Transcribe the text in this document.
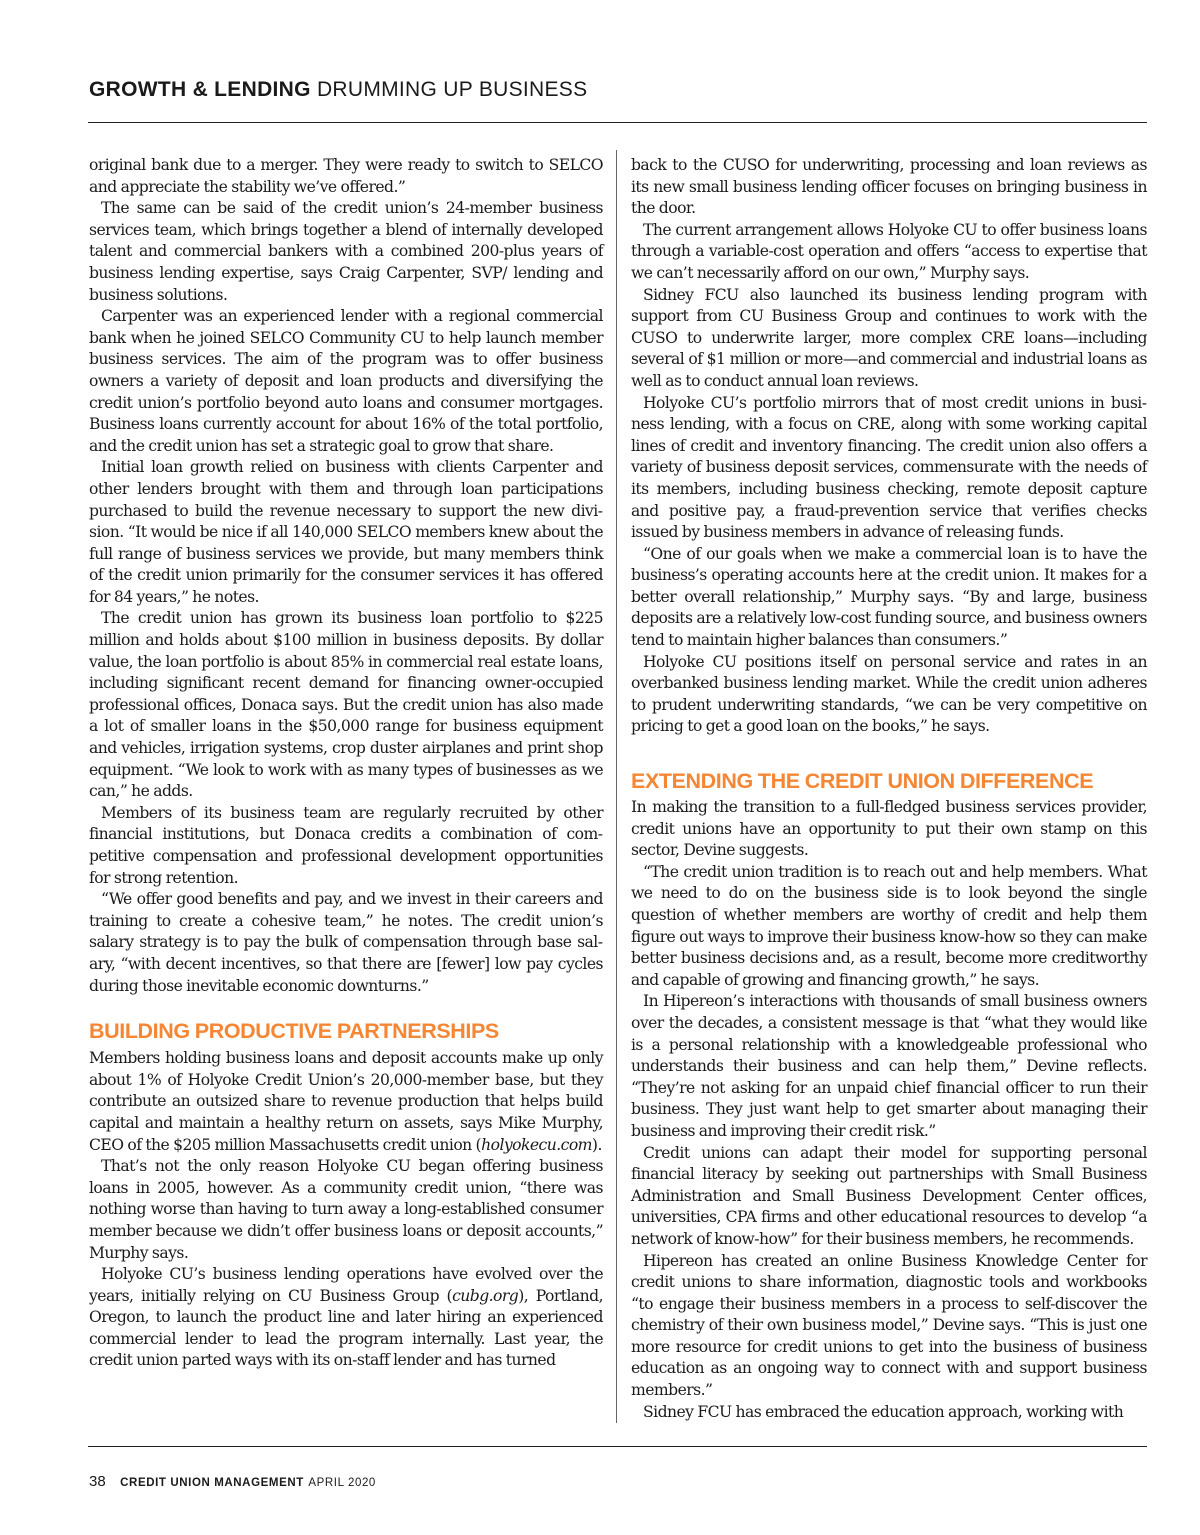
GROWTH & LENDING DRUMMING UP BUSINESS

original bank due to a merger. They were ready to switch to SELCO and appreciate the stability we’ve offered.”

The same can be said of the credit union’s 24-member business services team, which brings together a blend of internally developed talent and commercial bankers with a combined 200-plus years of business lending expertise, says Craig Carpenter, SVP/ lending and business solutions.

Carpenter was an experienced lender with a regional commercial bank when he joined SELCO Community CU to help launch member business services. The aim of the program was to offer business owners a variety of deposit and loan products and diversifying the credit union’s portfolio beyond auto loans and consumer mortgages. Business loans currently account for about 16% of the total portfolio, and the credit union has set a strategic goal to grow that share.

Initial loan growth relied on business with clients Carpenter and other lenders brought with them and through loan participations purchased to build the revenue necessary to support the new division. “It would be nice if all 140,000 SELCO members knew about the full range of business services we provide, but many members think of the credit union primarily for the consumer services it has offered for 84 years,” he notes.

The credit union has grown its business loan portfolio to $225 million and holds about $100 million in business deposits. By dollar value, the loan portfolio is about 85% in commercial real estate loans, including significant recent demand for financing owner-occupied professional offices, Donaca says. But the credit union has also made a lot of smaller loans in the $50,000 range for business equipment and vehicles, irrigation systems, crop duster airplanes and print shop equipment. “We look to work with as many types of businesses as we can,” he adds.

Members of its business team are regularly recruited by other financial institutions, but Donaca credits a combination of competitive compensation and professional development opportunities for strong retention.

“We offer good benefits and pay, and we invest in their careers and training to create a cohesive team,” he notes. The credit union’s salary strategy is to pay the bulk of compensation through base salary, “with decent incentives, so that there are [fewer] low pay cycles during those inevitable economic downturns.”

BUILDING PRODUCTIVE PARTNERSHIPS

Members holding business loans and deposit accounts make up only about 1% of Holyoke Credit Union’s 20,000-member base, but they contribute an outsized share to revenue production that helps build capital and maintain a healthy return on assets, says Mike Murphy, CEO of the $205 million Massachusetts credit union (holyokecu.com).

That’s not the only reason Holyoke CU began offering business loans in 2005, however. As a community credit union, “there was nothing worse than having to turn away a long-established consumer member because we didn’t offer business loans or deposit accounts,” Murphy says.

Holyoke CU’s business lending operations have evolved over the years, initially relying on CU Business Group (cubg.org), Portland, Oregon, to launch the product line and later hiring an experienced commercial lender to lead the program internally. Last year, the credit union parted ways with its on-staff lender and has turned

back to the CUSO for underwriting, processing and loan reviews as its new small business lending officer focuses on bringing business in the door.

The current arrangement allows Holyoke CU to offer business loans through a variable-cost operation and offers “access to expertise that we can’t necessarily afford on our own,” Murphy says.

Sidney FCU also launched its business lending program with support from CU Business Group and continues to work with the CUSO to underwrite larger, more complex CRE loans—including several of $1 million or more—and commercial and industrial loans as well as to conduct annual loan reviews.

Holyoke CU’s portfolio mirrors that of most credit unions in business lending, with a focus on CRE, along with some working capital lines of credit and inventory financing. The credit union also offers a variety of business deposit services, commensurate with the needs of its members, including business checking, remote deposit capture and positive pay, a fraud-prevention service that verifies checks issued by business members in advance of releasing funds.

“One of our goals when we make a commercial loan is to have the business’s operating accounts here at the credit union. It makes for a better overall relationship,” Murphy says. “By and large, business deposits are a relatively low-cost funding source, and business owners tend to maintain higher balances than consumers.”

Holyoke CU positions itself on personal service and rates in an overbanked business lending market. While the credit union adheres to prudent underwriting standards, “we can be very competitive on pricing to get a good loan on the books,” he says.

EXTENDING THE CREDIT UNION DIFFERENCE

In making the transition to a full-fledged business services provider, credit unions have an opportunity to put their own stamp on this sector, Devine suggests.

“The credit union tradition is to reach out and help members. What we need to do on the business side is to look beyond the single question of whether members are worthy of credit and help them figure out ways to improve their business know-how so they can make better business decisions and, as a result, become more creditworthy and capable of growing and financing growth,” he says.

In Hipereon’s interactions with thousands of small business owners over the decades, a consistent message is that “what they would like is a personal relationship with a knowledgeable professional who understands their business and can help them,” Devine reflects. “They’re not asking for an unpaid chief financial officer to run their business. They just want help to get smarter about managing their business and improving their credit risk.”

Credit unions can adapt their model for supporting personal financial literacy by seeking out partnerships with Small Business Administration and Small Business Development Center offices, universities, CPA firms and other educational resources to develop “a network of know-how” for their business members, he recommends.

Hipereon has created an online Business Knowledge Center for credit unions to share information, diagnostic tools and workbooks “to engage their business members in a process to self-discover the chemistry of their own business model,” Devine says. “This is just one more resource for credit unions to get into the business of business education as an ongoing way to connect with and support business members.”

Sidney FCU has embraced the education approach, working with

38 CREDIT UNION MANAGEMENT APRIL 2020
